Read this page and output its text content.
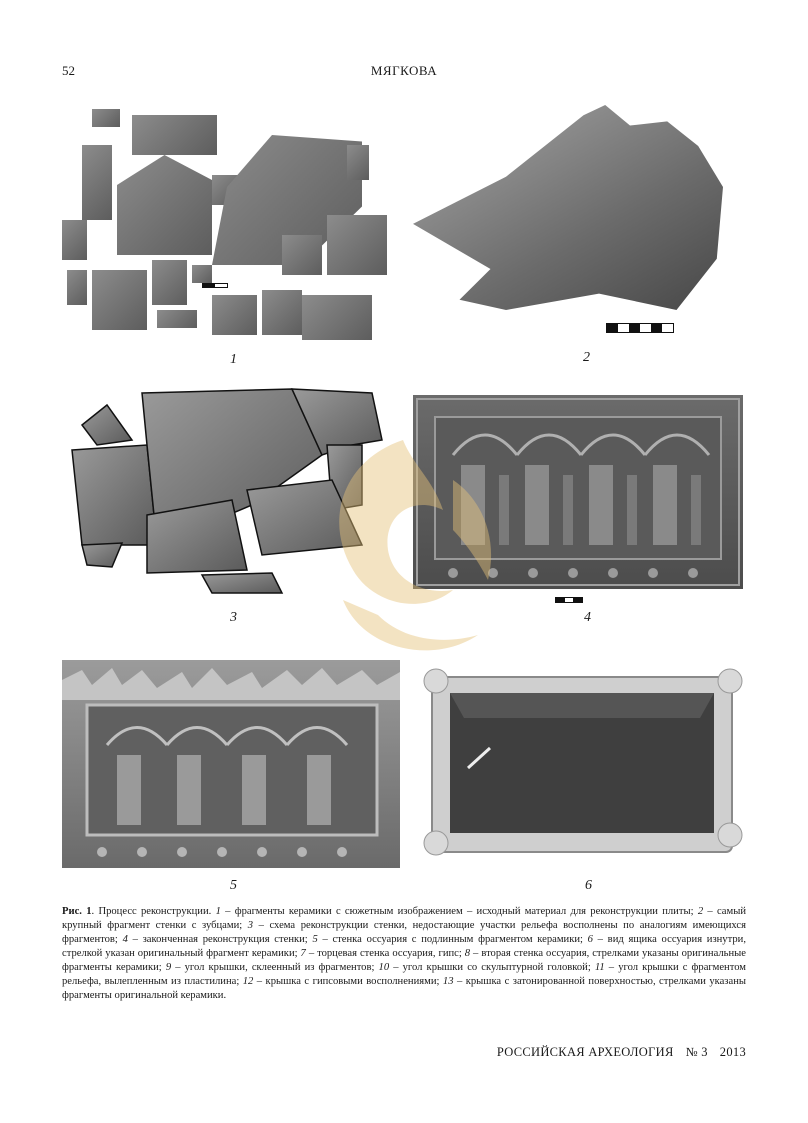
52	МЯГКОВА
1	2
3	4
5	6
Рис. 1. Процесс реконструкции. 1 – фрагменты керамики с сюжетным изображением – исходный материал для реконструкции плиты; 2 – самый крупный фрагмент стенки с зубцами; 3 – схема реконструкции стенки, недостающие участки рельефа восполнены по аналогиям имеющихся фрагментов; 4 – законченная реконструкция стенки; 5 – стенка оссуария с подлинным фрагментом керамики; 6 – вид ящика оссуария изнутри, стрелкой указан оригинальный фрагмент керамики; 7 – торцевая стенка оссуария, гипс; 8 – вторая стенка оссуария, стрелками указаны оригинальные фрагменты керамики; 9 – угол крышки, склеенный из фрагментов; 10 – угол крышки со скульптурной головкой; 11 – угол крышки с фрагментом рельефа, вылепленным из пластилина; 12 – крышка с гипсовыми восполнениями; 13 – крышка с затонированной поверхностью, стрелками указаны фрагменты оригинальной керамики.
РОССИЙСКАЯ АРХЕОЛОГИЯ № 3 2013
